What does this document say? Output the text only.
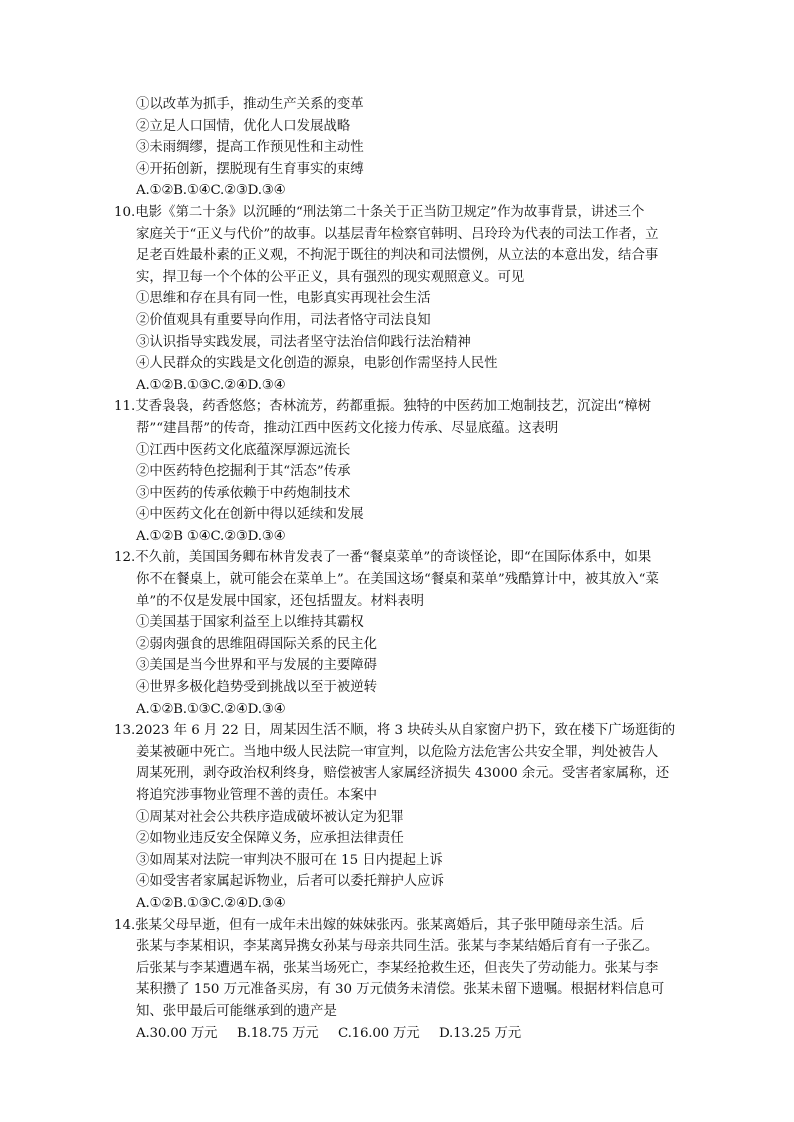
①以改革为抓手，推动生产关系的变革
②立足人口国情，优化人口发展战略
③未雨绸缪，提高工作预见性和主动性
④开拓创新，摆脱现有生育事实的束缚
A.①②B.①④C.②③D.③④
10.电影《第二十条》以沉睡的“刑法第二十条关于正当防卫规定”作为故事背景，讲述三个
家庭关于“正义与代价”的故事。以基层青年检察官韩明、吕玲玲为代表的司法工作者，立
足老百姓最朴素的正义观，不拘泥于既往的判决和司法惯例，从立法的本意出发，结合事
实，捍卫每一个个体的公平正义，具有强烈的现实观照意义。可见
①思维和存在具有同一性，电影真实再现社会生活
②价值观具有重要导向作用，司法者恪守司法良知
③认识指导实践发展，司法者坚守法治信仰践行法治精神
④人民群众的实践是文化创造的源泉，电影创作需坚持人民性
A.①②B.①③C.②④D.③④
11.艾香袅袅，药香悠悠；杏林流芳，药都重振。独特的中医药加工炮制技艺，沉淀出“樟树
帮”“建昌帮”的传奇，推动江西中医药文化接力传承、尽显底蕴。这表明
①江西中医药文化底蕴深厚源远流长
②中医药特色挖掘利于其“活态”传承
③中医药的传承依赖于中药炮制技术
④中医药文化在创新中得以延续和发展
A.①②B ①④C.②③D.③④
12.不久前，美国国务卿布林肯发表了一番“餐桌菜单”的奇谈怪论，即“在国际体系中，如果
你不在餐桌上，就可能会在菜单上”。在美国这场“餐桌和菜单”残酷算计中，被其放入“菜
单”的不仅是发展中国家，还包括盟友。材料表明
①美国基于国家利益至上以维持其霸权
②弱肉强食的思维阻碍国际关系的民主化
③美国是当今世界和平与发展的主要障碍
④世界多极化趋势受到挑战以至于被逆转
A.①②B.①③C.②④D.③④
13.2023 年 6 月 22 日，周某因生活不顺，将 3 块砖头从自家窗户扔下，致在楼下广场逛街的
姜某被砸中死亡。当地中级人民法院一审宣判，以危险方法危害公共安全罪，判处被告人
周某死刑，剥夺政治权利终身，赔偿被害人家属经济损失 43000 余元。受害者家属称，还
将追究涉事物业管理不善的责任。本案中
①周某对社会公共秩序造成破坏被认定为犯罪
②如物业违反安全保障义务，应承担法律责任
③如周某对法院一审判决不服可在 15 日内提起上诉
④如受害者家属起诉物业，后者可以委托辩护人应诉
A.①②B.①③C.②④D.③④
14.张某父母早逝，但有一成年未出嫁的妹妹张丙。张某离婚后，其子张甲随母亲生活。后
张某与李某相识，李某离异携女孙某与母亲共同生活。张某与李某结婚后育有一子张乙。
后张某与李某遭遇车祸，张某当场死亡，李某经抢救生还，但丧失了劳动能力。张某与李
某积攒了 150 万元准备买房，有 30 万元债务未清偿。张某未留下遗嘱。根据材料信息可
知、张甲最后可能继承到的遗产是
A.30.00 万元 B.18.75 万元 C.16.00 万元 D.13.25 万元
